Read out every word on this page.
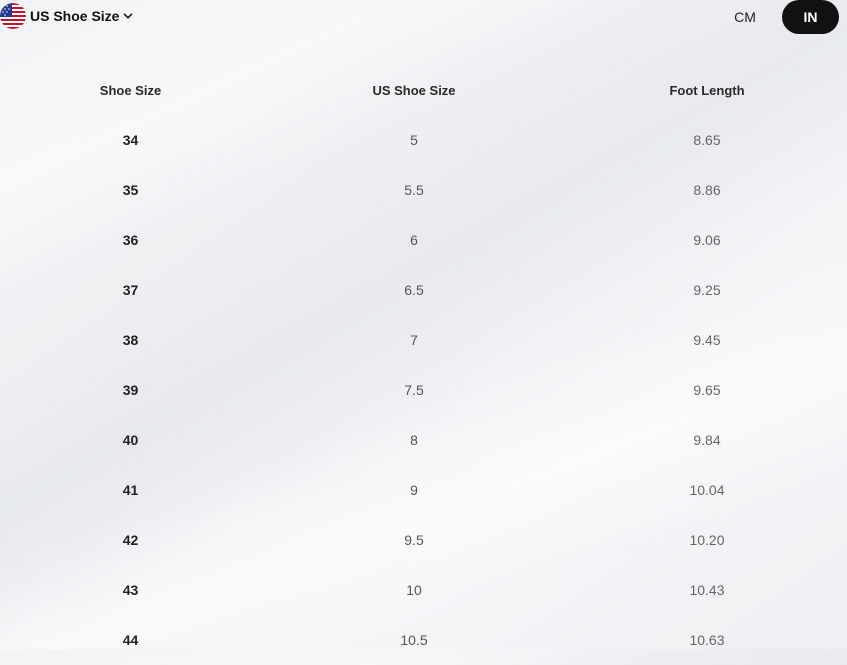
US Shoe Size	CM	IN
Shoe Size	US Shoe Size	Foot Length
34	5	8.65
35	5.5	8.86
36	6	9.06
37	6.5	9.25
38	7	9.45
39	7.5	9.65
40	8	9.84
41	9	10.04
42	9.5	10.20
43	10	10.43
44	10.5	10.63
